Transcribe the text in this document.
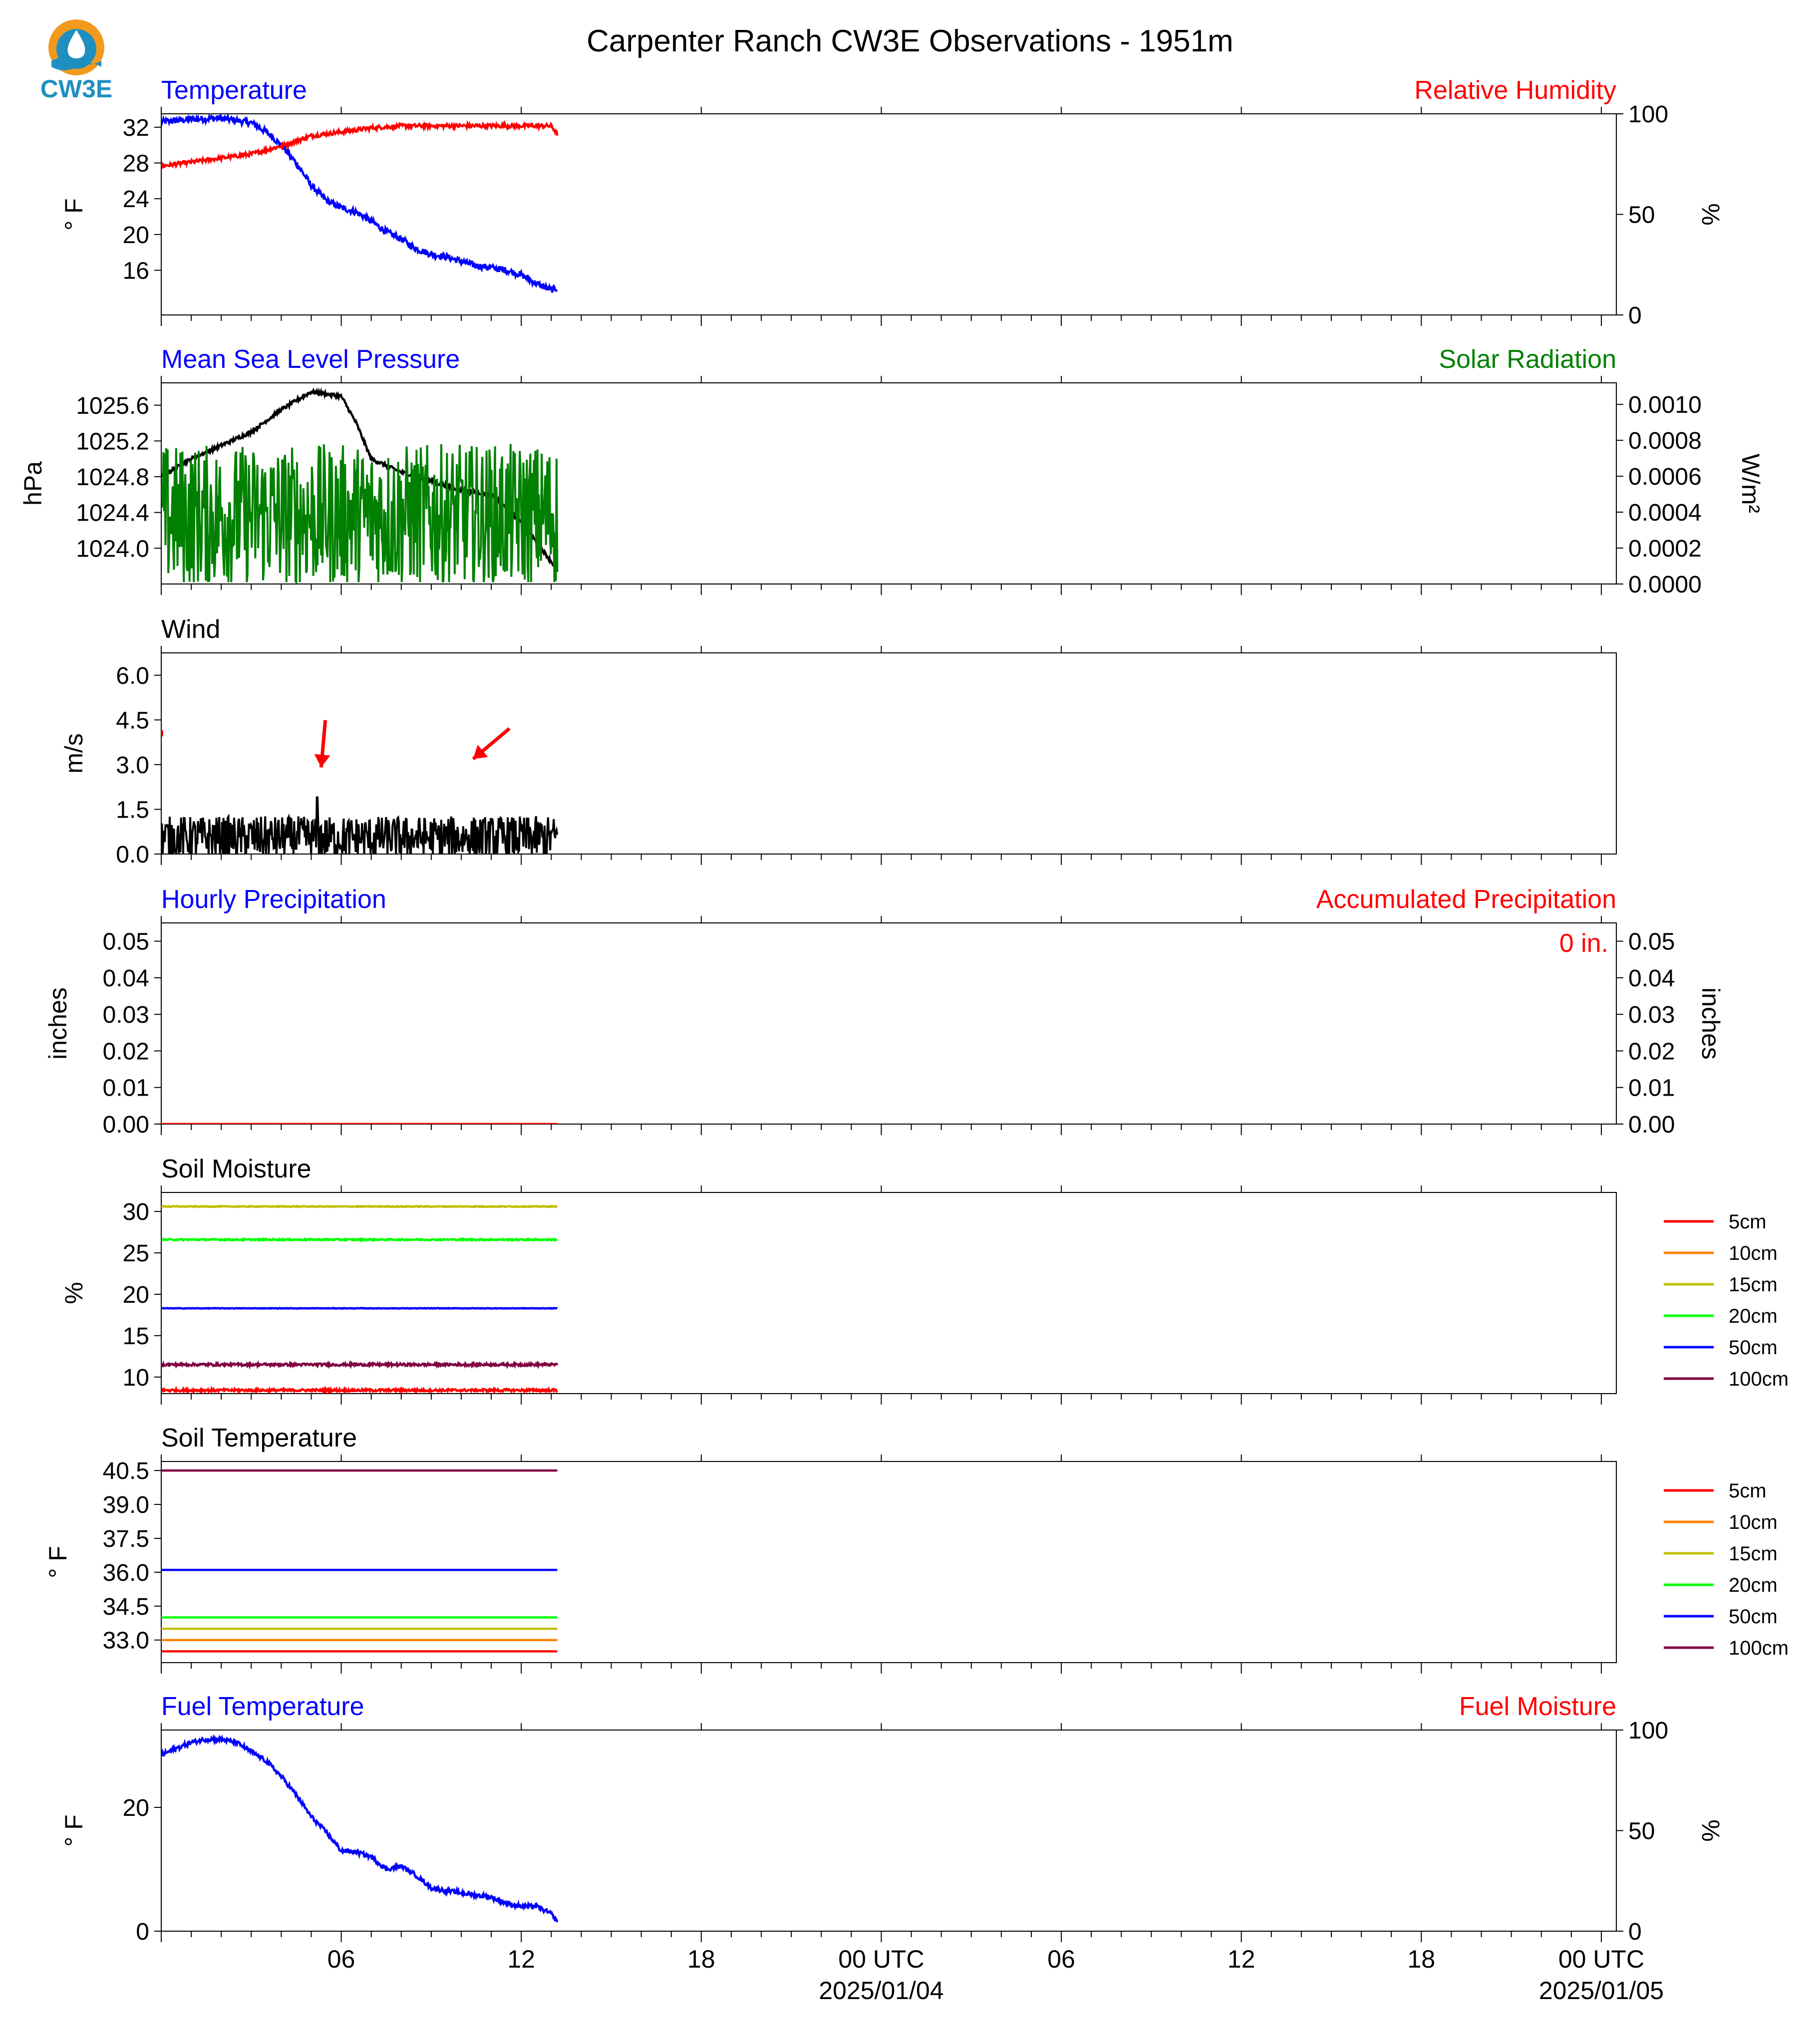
CW3E
Carpenter Ranch CW3E Observations - 1951m
Temperature	Relative Humidity
16
20
24
28
32
° F
0
50
100
%
Mean Sea Level Pressure	Solar Radiation
1024.0
1024.4
1024.8
1025.2
1025.6
hPa
0.0000
0.0002
0.0004
0.0006
0.0008
0.0010
W/m²
Wind
0.0
1.5
3.0
4.5
6.0
m/s
Hourly Precipitation	Accumulated Precipitation
0.00
0.01
0.02
0.03
0.04
0.05
inches
0.00
0.01
0.02
0.03
0.04
0.05
inches
0 in.
Soil Moisture
10
15
20
25
30
%
5cm
10cm
15cm
20cm
50cm
100cm
Soil Temperature
33.0
34.5
36.0
37.5
39.0
40.5
° F
5cm
10cm
15cm
20cm
50cm
100cm
Fuel Temperature	Fuel Moisture
0
20
° F
0
50
100
%
06	12	18	00 UTC
2025/01/04
06	12	18	00 UTC
2025/01/05
